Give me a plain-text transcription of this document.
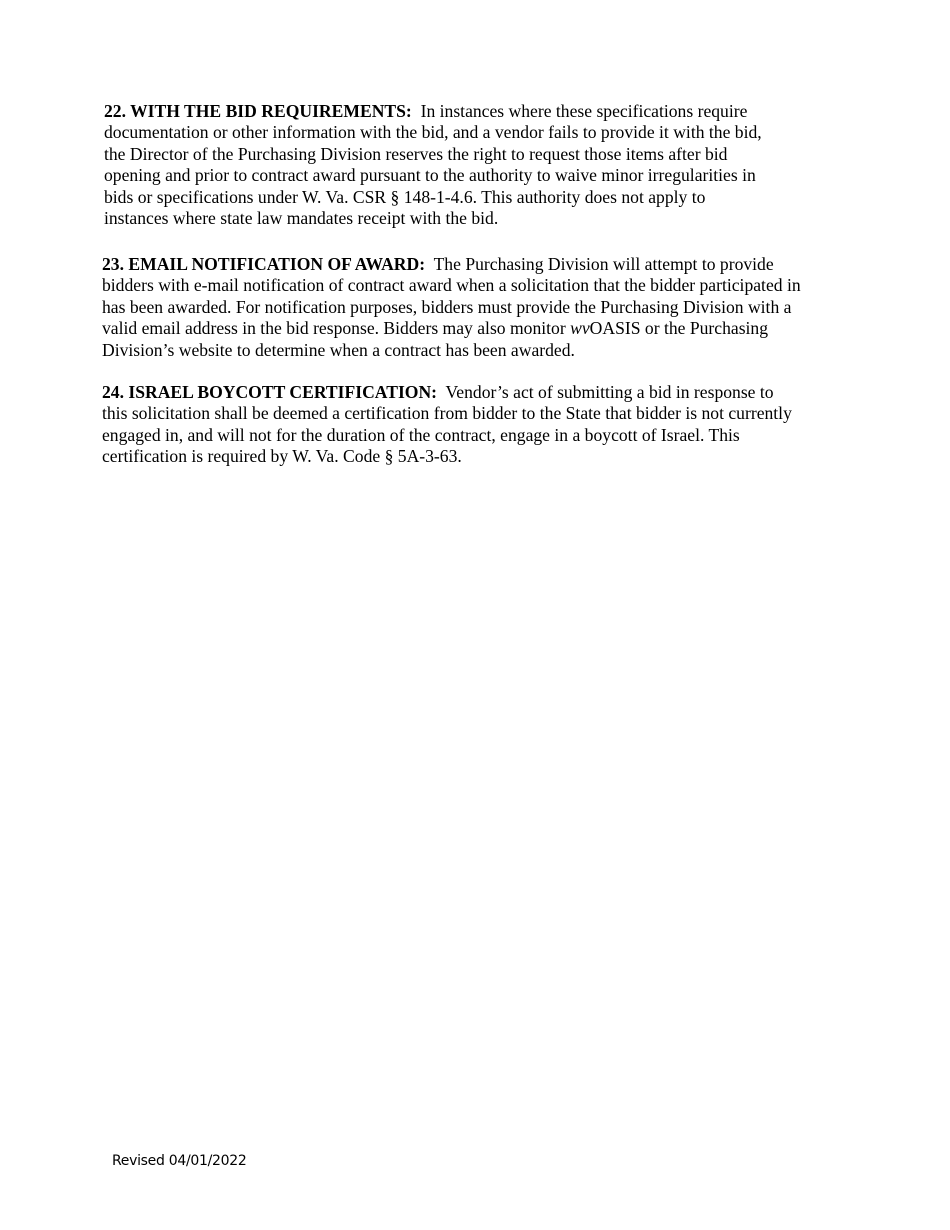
22. WITH THE BID REQUIREMENTS: In instances where these specifications require
documentation or other information with the bid, and a vendor fails to provide it with the bid,
the Director of the Purchasing Division reserves the right to request those items after bid
opening and prior to contract award pursuant to the authority to waive minor irregularities in
bids or specifications under W. Va. CSR § 148-1-4.6. This authority does not apply to
instances where state law mandates receipt with the bid.
23. EMAIL NOTIFICATION OF AWARD: The Purchasing Division will attempt to provide
bidders with e-mail notification of contract award when a solicitation that the bidder participated in
has been awarded. For notification purposes, bidders must provide the Purchasing Division with a
valid email address in the bid response. Bidders may also monitor wvOASIS or the Purchasing
Division’s website to determine when a contract has been awarded.
24. ISRAEL BOYCOTT CERTIFICATION: Vendor’s act of submitting a bid in response to
this solicitation shall be deemed a certification from bidder to the State that bidder is not currently
engaged in, and will not for the duration of the contract, engage in a boycott of Israel. This
certification is required by W. Va. Code § 5A-3-63.
Revised 04/01/2022
